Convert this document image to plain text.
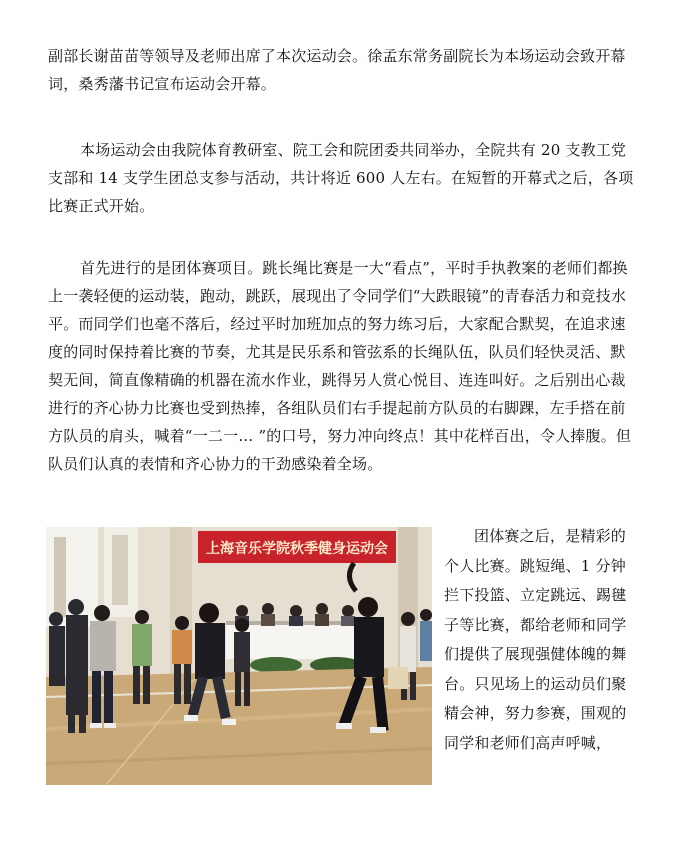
副部长谢苗苗等领导及老师出席了本次运动会。徐孟东常务副院长为本场运动会致开幕词，桑秀藩书记宣布运动会开幕。

本场运动会由我院体育教研室、院工会和院团委共同举办，全院共有 20 支教工党支部和 14 支学生团总支参与活动，共计将近 600 人左右。在短暂的开幕式之后，各项比赛正式开始。

首先进行的是团体赛项目。跳长绳比赛是一大“看点”，平时手执教案的老师们都换上一袭轻便的运动装，跑动，跳跃，展现出了令同学们“大跌眼镜”的青春活力和竞技水平。而同学们也毫不落后，经过平时加班加点的努力练习后，大家配合默契，在追求速度的同时保持着比赛的节奏，尤其是民乐系和管弦系的长绳队伍，队员们轻快灵活、默契无间，简直像精确的机器在流水作业，跳得另人赏心悦目、连连叫好。之后别出心裁进行的齐心协力比赛也受到热捧，各组队员们右手提起前方队员的右脚踝，左手搭在前方队员的肩头，喊着“一二一… ”的口号，努力冲向终点！其中花样百出，令人捧腹。但队员们认真的表情和齐心协力的干劲感染着全场。

上海音乐学院秋季健身运动会

团体赛之后，是精彩的个人比赛。跳短绳、1 分钟拦下投篮、立定跳远、踢毽子等比赛，都给老师和同学们提供了展现强健体魄的舞台。只见场上的运动员们聚精会神，努力参赛，围观的同学和老师们高声呼喊，
